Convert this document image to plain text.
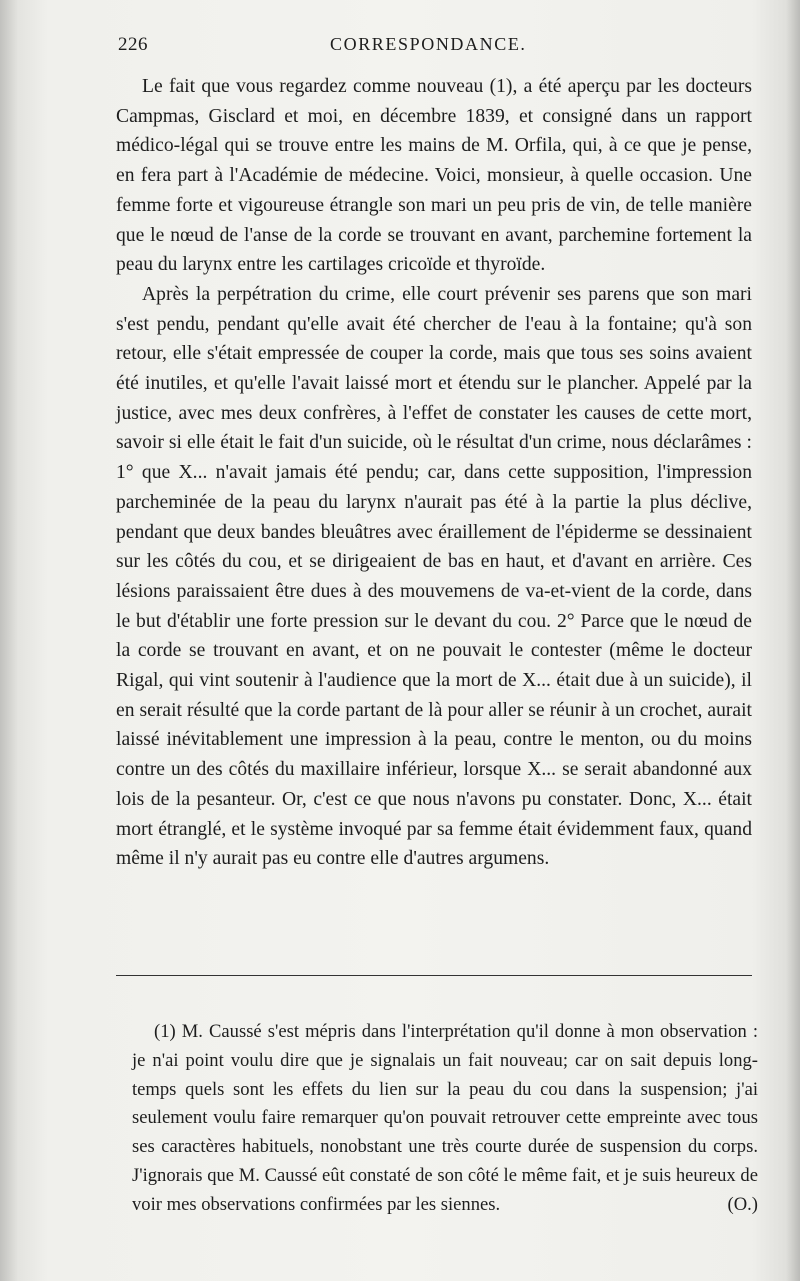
226	CORRESPONDANCE.

Le fait que vous regardez comme nouveau (1), a été aperçu par les docteurs Campmas, Gisclard et moi, en décembre 1839, et consigné dans un rapport médico-légal qui se trouve entre les mains de M. Orfila, qui, à ce que je pense, en fera part à l'Académie de médecine. Voici, monsieur, à quelle occasion. Une femme forte et vigoureuse étrangle son mari un peu pris de vin, de telle manière que le nœud de l'anse de la corde se trouvant en avant, parchemine fortement la peau du larynx entre les cartilages cricoïde et thyroïde.

Après la perpétration du crime, elle court prévenir ses parens que son mari s'est pendu, pendant qu'elle avait été chercher de l'eau à la fontaine; qu'à son retour, elle s'était empressée de couper la corde, mais que tous ses soins avaient été inutiles, et qu'elle l'avait laissé mort et étendu sur le plancher. Appelé par la justice, avec mes deux confrères, à l'effet de constater les causes de cette mort, savoir si elle était le fait d'un suicide, où le résultat d'un crime, nous déclarâmes : 1° que X... n'avait jamais été pendu; car, dans cette supposition, l'impression parcheminée de la peau du larynx n'aurait pas été à la partie la plus déclive, pendant que deux bandes bleuâtres avec éraillement de l'épiderme se dessinaient sur les côtés du cou, et se dirigeaient de bas en haut, et d'avant en arrière. Ces lésions paraissaient être dues à des mouvemens de va-et-vient de la corde, dans le but d'établir une forte pression sur le devant du cou. 2° Parce que le nœud de la corde se trouvant en avant, et on ne pouvait le contester (même le docteur Rigal, qui vint soutenir à l'audience que la mort de X... était due à un suicide), il en serait résulté que la corde partant de là pour aller se réunir à un crochet, aurait laissé inévitablement une impression à la peau, contre le menton, ou du moins contre un des côtés du maxillaire inférieur, lorsque X... se serait abandonné aux lois de la pesanteur. Or, c'est ce que nous n'avons pu constater. Donc, X... était mort étranglé, et le système invoqué par sa femme était évidemment faux, quand même il n'y aurait pas eu contre elle d'autres argumens.

(1) M. Caussé s'est mépris dans l'interprétation qu'il donne à mon observation : je n'ai point voulu dire que je signalais un fait nouveau; car on sait depuis long-temps quels sont les effets du lien sur la peau du cou dans la suspension; j'ai seulement voulu faire remarquer qu'on pouvait retrouver cette empreinte avec tous ses caractères habituels, nonobstant une très courte durée de suspension du corps. J'ignorais que M. Caussé eût constaté de son côté le même fait, et je suis heureux de voir mes observations confirmées par les siennes.	(O.)
